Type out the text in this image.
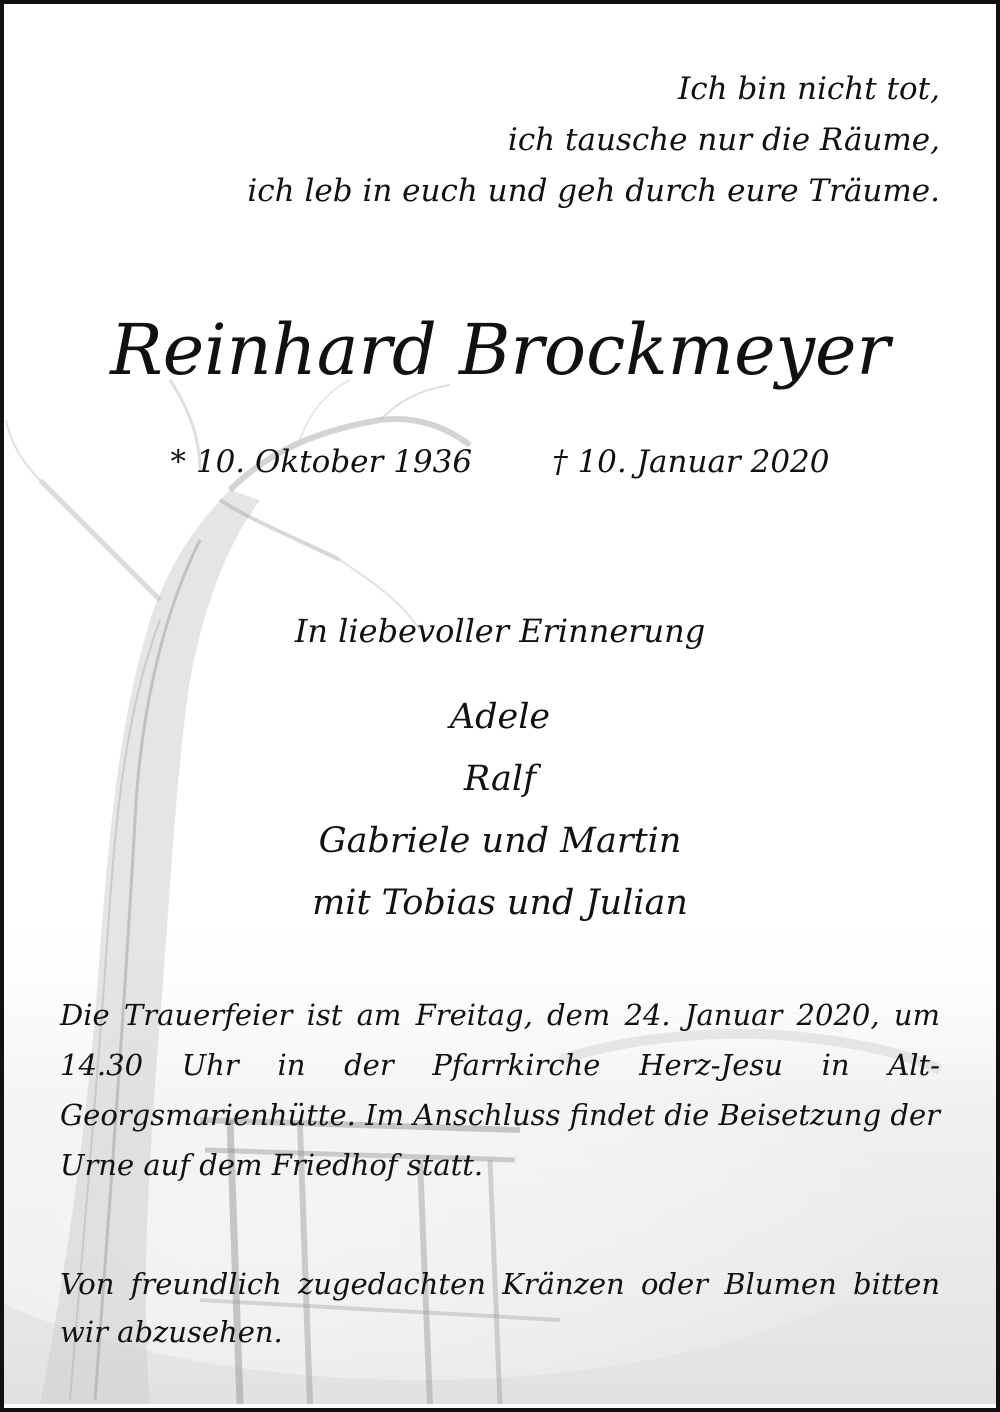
Ich bin nicht tot,
ich tausche nur die Räume,
ich leb in euch und geh durch eure Träume.
Reinhard Brockmeyer
* 10. Oktober 1936	† 10. Januar 2020
In liebevoller Erinnerung
Adele
Ralf
Gabriele und Martin
mit Tobias und Julian
Die Trauerfeier ist am Freitag, dem 24. Januar 2020, um 14.30 Uhr in der Pfarrkirche Herz-Jesu in Alt-Georgsmarienhütte. Im Anschluss findet die Beisetzung der Urne auf dem Friedhof statt.
Von freundlich zugedachten Kränzen oder Blumen bitten wir abzusehen.
